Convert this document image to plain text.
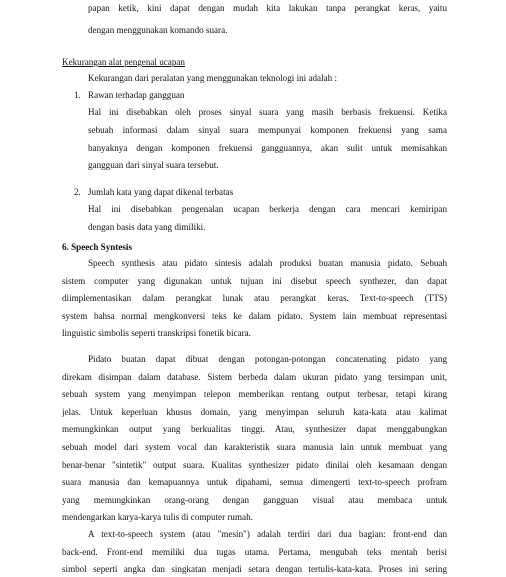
papan ketik, kini dapat dengan mudah kita lakukan tanpa perangkat keras, yaitu
dengan menggunakan komando suara.
Kekurangan alat pengenal ucapan
Kekurangan dari peralatan yang menggunakan teknologi ini adalah :
1. Rawan terhadap gangguan
Hal ini disebabkan oleh proses sinyal suara yang masih berbasis frekuensi. Ketika
sebuah informasi dalam sinyal suara mempunyai komponen frekuensi yang sama
banyaknya dengan komponen frekuensi gangguannya, akan sulit untuk memisahkan
gangguan dari sinyal suara tersebut.
2. Jumlah kata yang dapat dikenal terbatas
Hal ini disebabkan pengenalan ucapan berkerja dengan cara mencari kemiripan
dengan basis data yang dimiliki.
6. Speech Syntesis
Speech synthesis atau pidato sintesis adalah produksi buatan manusia pidato. Sebuah
sistem computer yang digunakan untuk tujuan ini disebut speech synthezer, dan dapat
diimplementasikan dalam perangkat lunak atau perangkat keras. Text-to-speech (TTS)
system bahsa normal mengkonversi teks ke dalam pidato. System lain membuat representasi
linguistic simbolis seperti transkripsi fonetik bicara.
Pidato buatan dapat dibuat dengan potongan-potongan concatenating pidato yang
direkam disimpan dalam database. Sistem berbeda dalam ukuran pidato yang tersimpan unit,
sebuah system yang menyimpan telepon memberikan rentang output terbesar, tetapi kirang
jelas. Untuk keperluan khusus domain, yang menyimpan seluruh kata-kata atau kalimat
memungkinkan output yang berkualitas tinggi. Atau, synthesizer dapat menggabungkan
sebuah model dari system vocal dan karakteristik suara manusia lain untuk membuat yang
benar-benar "sintetik" output suara. Kualitas synthesizer pidato dinilai oleh kesamaan dengan
suara manusia dan kemapuannya untuk dipahami, semua dimengerti text-to-speech profram
yang memungkinkan orang-orang dengan gangguan visual atau membaca untuk
mendengarkan karya-karya tulis di computer rumah.
A text-to-speech system (atau "mesin") adalah terdiri dari dua bagian: front-end dan
back-end. Front-end memiliki dua tugas utama. Pertama, mengubah teks mentah berisi
simbol seperti angka dan singkatan menjadi setara dengan tertulis-kata-kata. Proses ini sering
